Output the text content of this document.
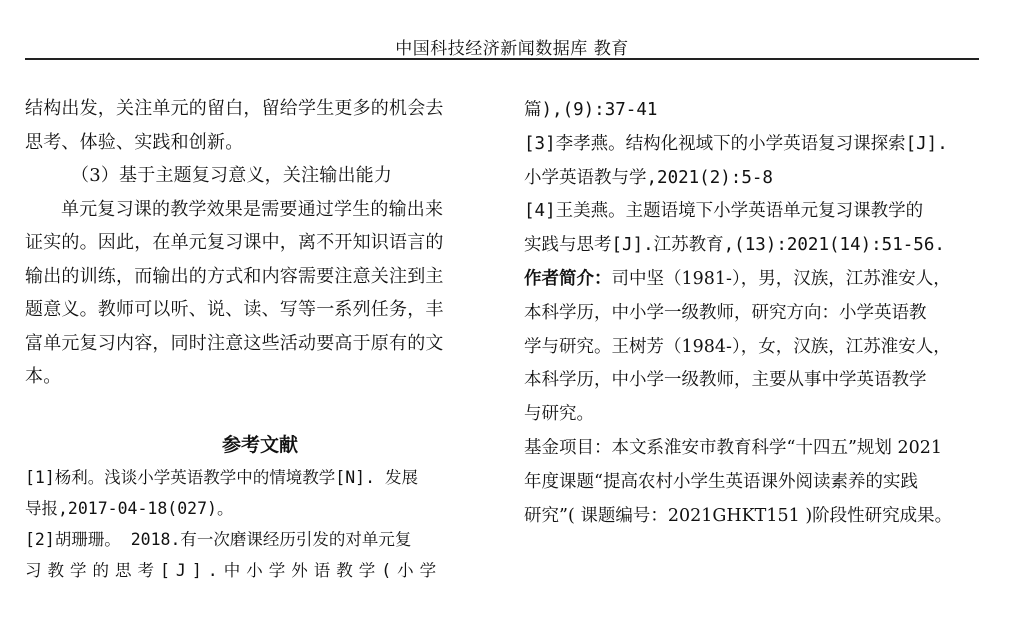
中国科技经济新闻数据库 教育
结构出发，关注单元的留白，留给学生更多的机会去
思考、体验、实践和创新。
（3）基于主题复习意义，关注输出能力
单元复习课的教学效果是需要通过学生的输出来
证实的。因此，在单元复习课中，离不开知识语言的
输出的训练，而输出的方式和内容需要注意关注到主
题意义。教师可以听、说、读、写等一系列任务，丰
富单元复习内容，同时注意这些活动要高于原有的文
本。
参考文献
[1]杨利。浅谈小学英语教学中的情境教学[N]. 发展
导报,2017-04-18(027)。
[2]胡珊珊。 2018.有一次磨课经历引发的对单元复
习教学的思考[J].中小学外语教学(小学
篇),(9):37-41
[3]李孝燕。结构化视域下的小学英语复习课探索[J].
小学英语教与学,2021(2):5-8
[4]王美燕。主题语境下小学英语单元复习课教学的
实践与思考[J].江苏教育,(13):2021(14):51-56.
作者简介：司中坚（1981-），男，汉族，江苏淮安人，
本科学历，中小学一级教师，研究方向：小学英语教
学与研究。王树芳（1984-），女，汉族，江苏淮安人，
本科学历，中小学一级教师，主要从事中学英语教学
与研究。
基金项目：本文系淮安市教育科学“十四五”规划 2021
年度课题“提高农村小学生英语课外阅读素养的实践
研究”( 课题编号：2021GHKT151 )阶段性研究成果。
